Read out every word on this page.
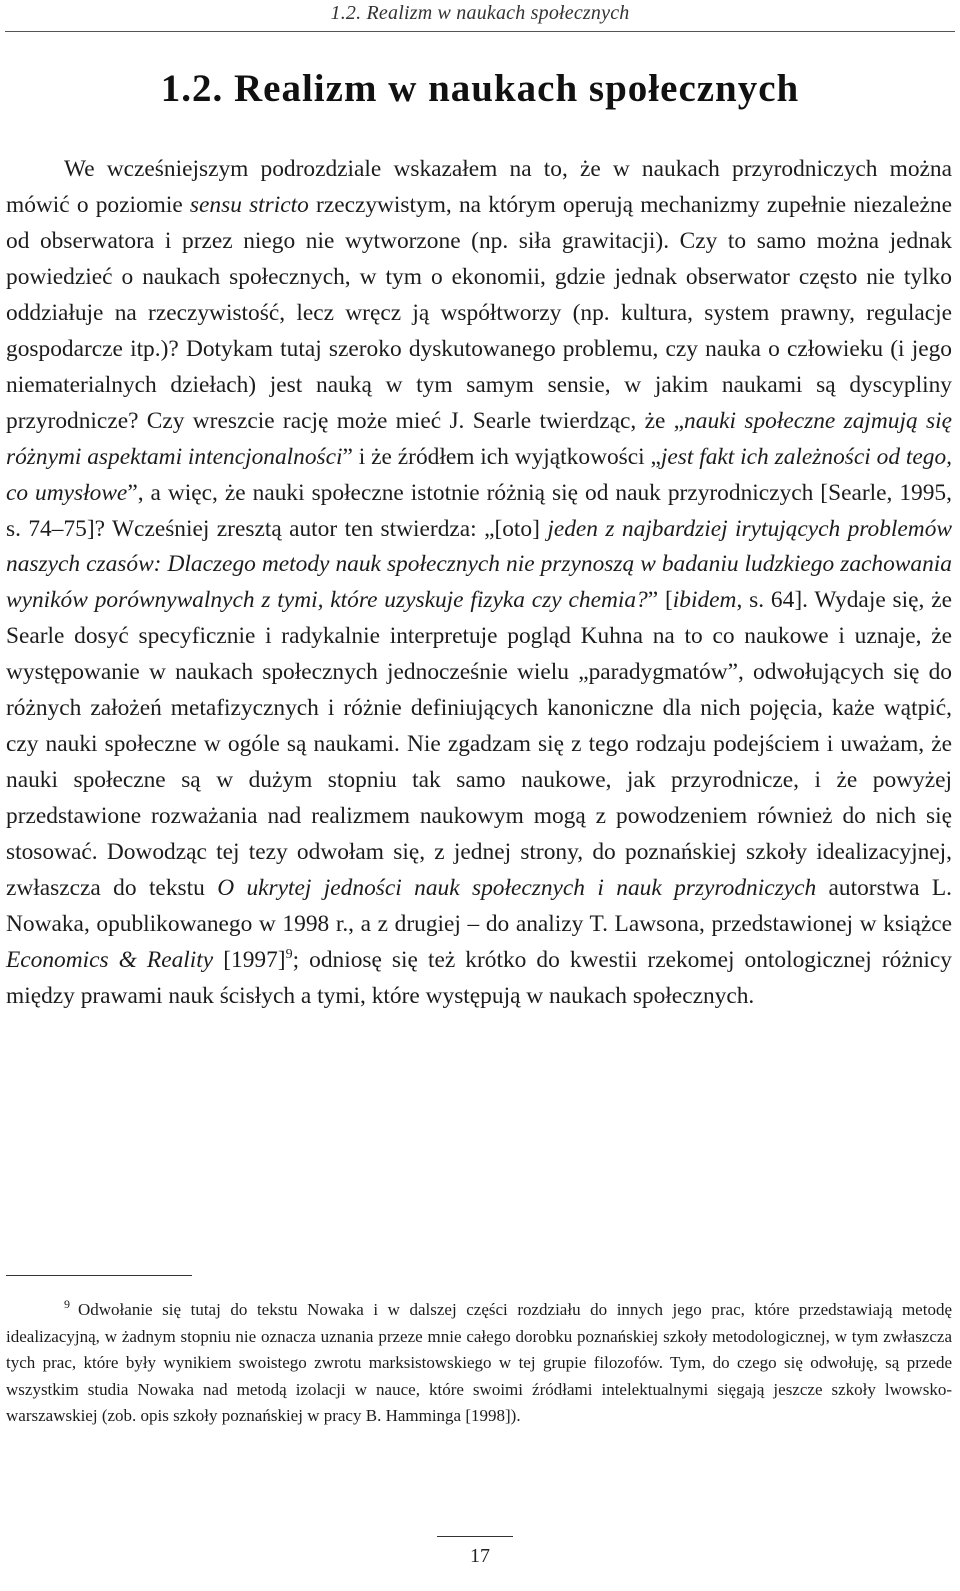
1.2. Realizm w naukach społecznych
1.2. Realizm w naukach społecznych

We wcześniejszym podrozdziale wskazałem na to, że w naukach przyrodniczych można mówić o poziomie sensu stricto rzeczywistym, na którym operują mechanizmy zupełnie niezależne od obserwatora i przez niego nie wytworzone (np. siła grawitacji). Czy to samo można jednak powiedzieć o naukach społecznych, w tym o ekonomii, gdzie jednak obserwator często nie tylko oddziałuje na rzeczywistość, lecz wręcz ją współtworzy (np. kultura, system prawny, regulacje gospodarcze itp.)? Dotykam tutaj szeroko dyskutowanego problemu, czy nauka o człowieku (i jego niematerialnych dziełach) jest nauką w tym samym sensie, w jakim naukami są dyscypliny przyrodnicze? Czy wreszcie rację może mieć J. Searle twierdząc, że „nauki społeczne zajmują się różnymi aspektami intencjonalności” i że źródłem ich wyjątkowości „jest fakt ich zależności od tego, co umysłowe”, a więc, że nauki społeczne istotnie różnią się od nauk przyrodniczych [Searle, 1995, s. 74–75]? Wcześniej zresztą autor ten stwierdza: „[oto] jeden z najbardziej irytujących problemów naszych czasów: Dlaczego metody nauk społecznych nie przynoszą w badaniu ludzkiego zachowania wyników porównywalnych z tymi, które uzyskuje fizyka czy chemia?” [ibidem, s. 64]. Wydaje się, że Searle dosyć specyficznie i radykalnie interpretuje pogląd Kuhna na to co naukowe i uznaje, że występowanie w naukach społecznych jednocześnie wielu „paradygmatów”, odwołujących się do różnych założeń metafizycznych i różnie definiujących kanoniczne dla nich pojęcia, każe wątpić, czy nauki społeczne w ogóle są naukami. Nie zgadzam się z tego rodzaju podejściem i uważam, że nauki społeczne są w dużym stopniu tak samo naukowe, jak przyrodnicze, i że powyżej przedstawione rozważania nad realizmem naukowym mogą z powodzeniem również do nich się stosować. Dowodząc tej tezy odwołam się, z jednej strony, do poznańskiej szkoły idealizacyjnej, zwłaszcza do tekstu O ukrytej jedności nauk społecznych i nauk przyrodniczych autorstwa L. Nowaka, opublikowanego w 1998 r., a z drugiej – do analizy T. Lawsona, przedstawionej w książce Economics & Reality [1997]$^9$; odniosę się też krótko do kwestii rzekomej ontologicznej różnicy między prawami nauk ścisłych a tymi, które występują w naukach społecznych.

$^9$ Odwołanie się tutaj do tekstu Nowaka i w dalszej części rozdziału do innych jego prac, które przedstawiają metodę idealizacyjną, w żadnym stopniu nie oznacza uznania przeze mnie całego dorobku poznańskiej szkoły metodologicznej, w tym zwłaszcza tych prac, które były wynikiem swoistego zwrotu marksistowskiego w tej grupie filozofów. Tym, do czego się odwołuję, są przede wszystkim studia Nowaka nad metodą izolacji w nauce, które swoimi źródłami intelektualnymi sięgają jeszcze szkoły lwowsko-warszawskiej (zob. opis szkoły poznańskiej w pracy B. Hamminga [1998]).

17
